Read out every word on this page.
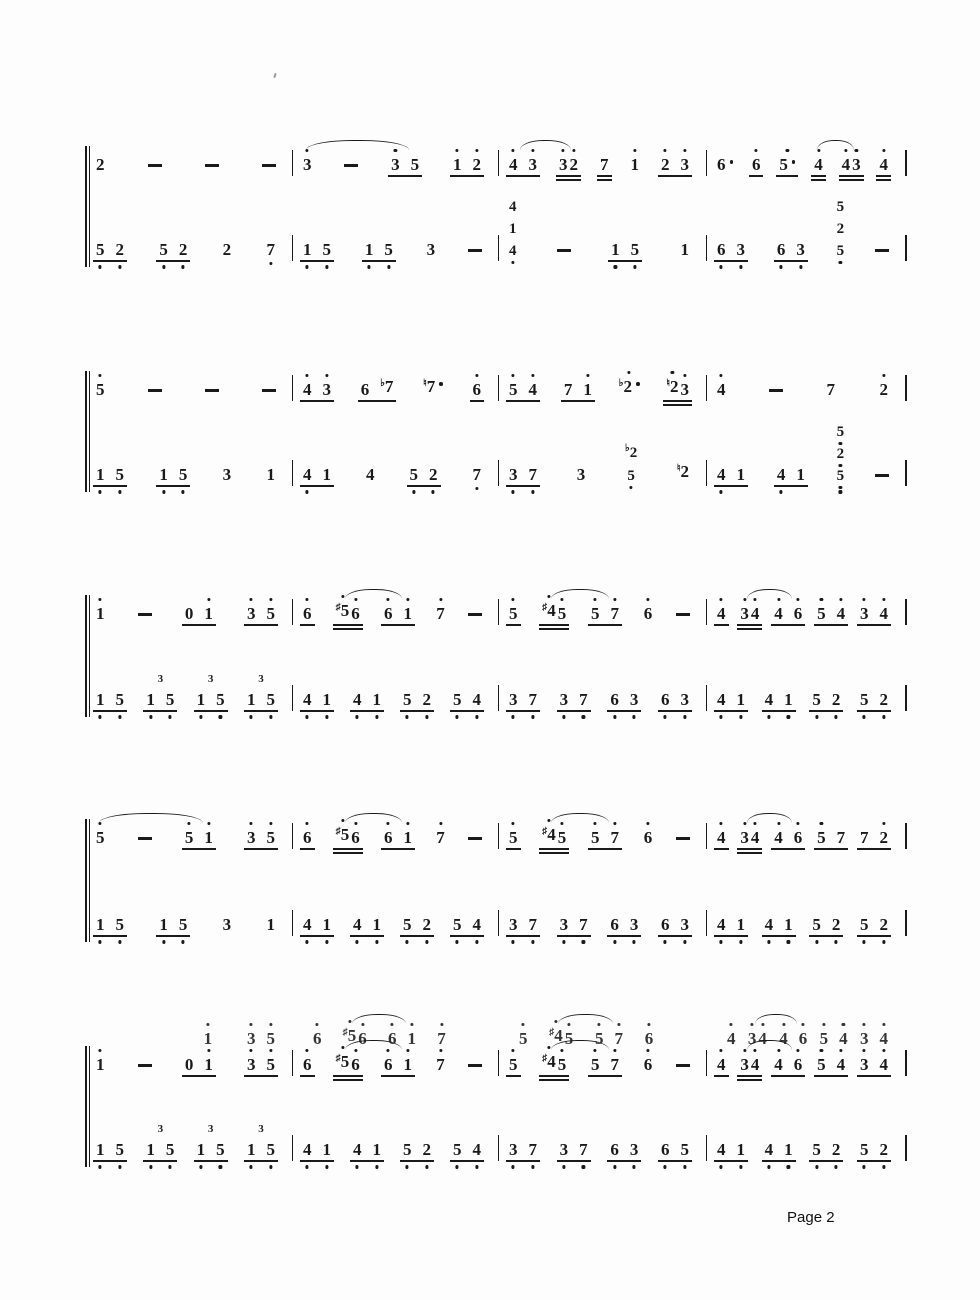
2	3	3 5 1 2 4 3 3 2 7 1 2 3 6	6 5	4 4 3 4
5 2 5 2 2 7 1 5 1 5 3
4
1
4	1 5 1 6 3 6 3
5
2
5
5	4 3 6 ♭7	♮7	6 5 4 7 1	♭2	♮2 3 4	7	2
1 5 1 5 3 1 4 1 4 5 2 7 3 7 3
♭2
5	♮2 4 1 4 1
5
2
5
1	0 1 3 5 6 ♯5 6 6 1 7	5 ♯4 5 5 7 6	4 3 4 4 6 5 4 3 4
1 5 1 5
3
1 5
3
1 5
3
4 1 4 1 5 2 5 4 3 7 3 7 6 3 6 3 4 1 4 1 5 2 5 2
5	5 1 3 5 6 ♯5 6 6 1 7	5 ♯4 5 5 7 6	4 3 4 4 6 5 7 7 2
1 5 1 5 3 1 4 1 4 1 5 2 5 4 3 7 3 7 6 3 6 3 4 1 4 1 5 2 5 2
1	0 1 3 5 6 ♯5 6 6 1 7	5 ♯4 5 5 7 6	4 3 4 4 6 5 4 3 4
1 5 1 5
3
1 5
3
1 5
3
4 1 4 1 5 2 5 4 3 7 3 7 6 3 6 5 4 1 4 1 5 2 5 2
1 3 5 6 ♯5 6 6 1 7	5 ♯4 5 5 7 6	4 3 4 4 6 5 4 3 4
Page 2
